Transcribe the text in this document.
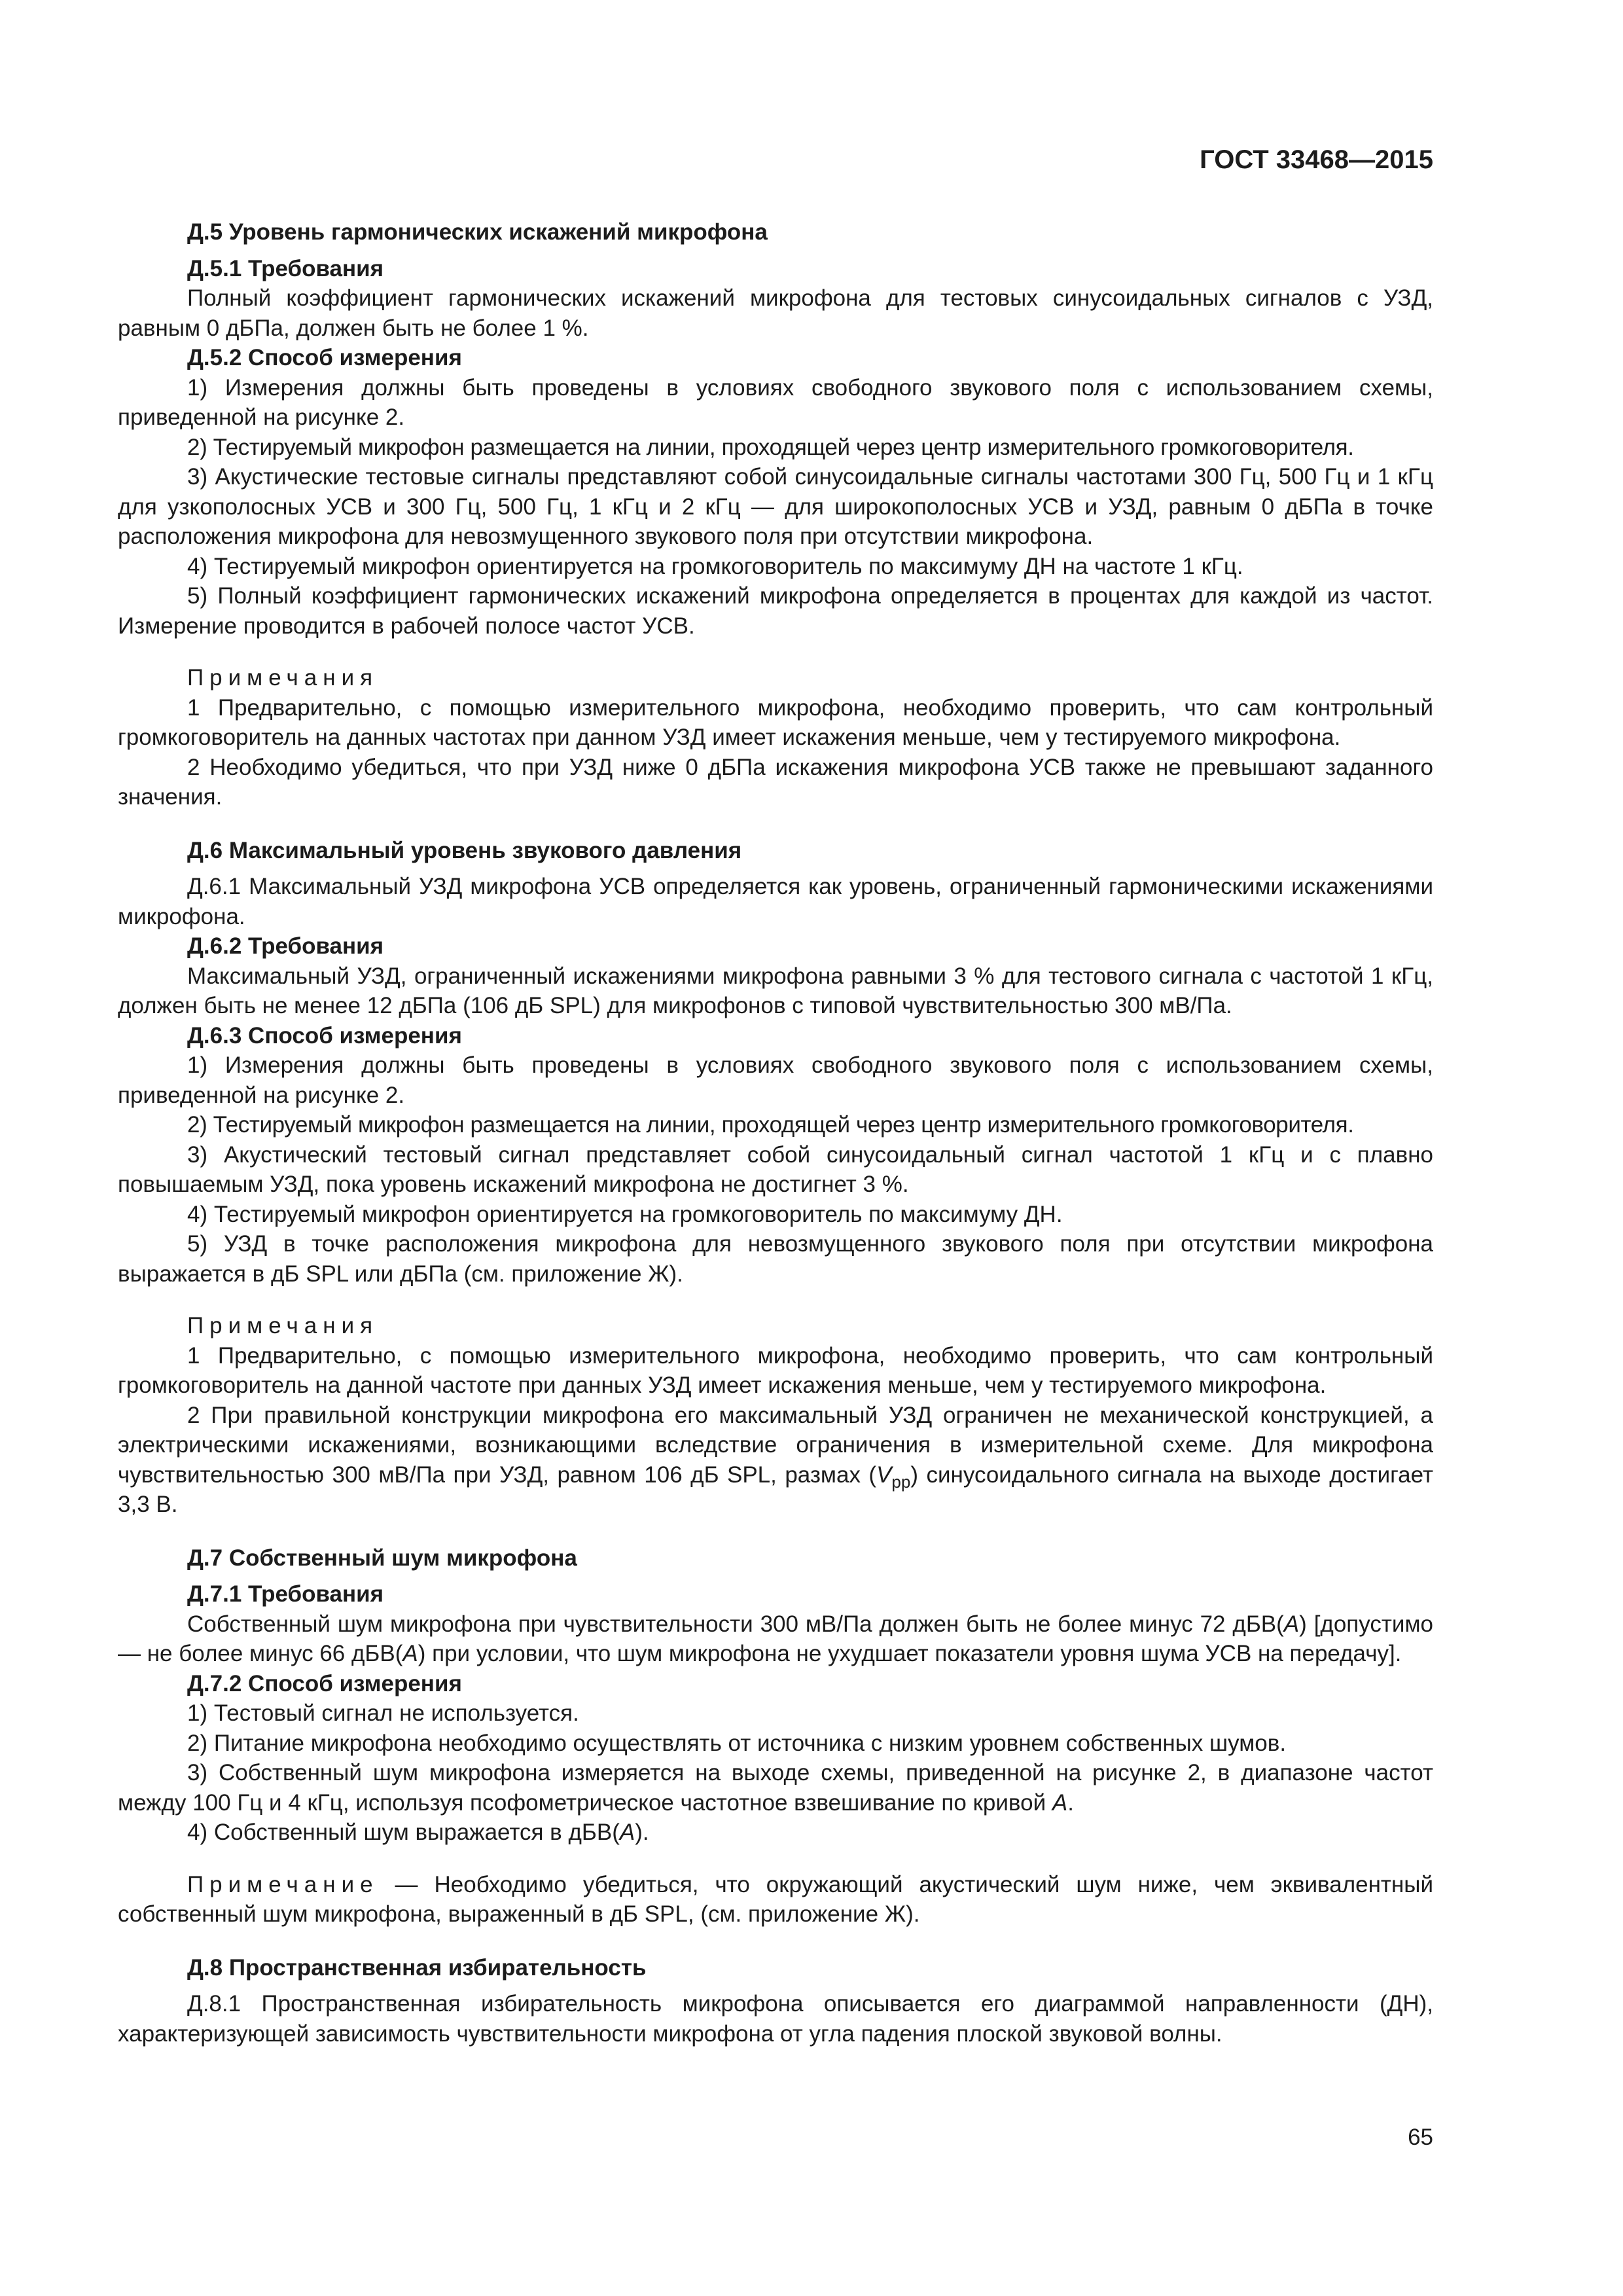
ГОСТ 33468—2015

Д.5 Уровень гармонических искажений микрофона

Д.5.1 Требования

Полный коэффициент гармонических искажений микрофона для тестовых синусоидальных сигналов с УЗД, равным 0 дБПа, должен быть не более 1 %.

Д.5.2 Способ измерения

1) Измерения должны быть проведены в условиях свободного звукового поля с использованием схемы, приведенной на рисунке 2.

2) Тестируемый микрофон размещается на линии, проходящей через центр измерительного громкоговорителя.

3) Акустические тестовые сигналы представляют собой синусоидальные сигналы частотами 300 Гц, 500 Гц и 1 кГц для узкополосных УСВ и 300 Гц, 500 Гц, 1 кГц и 2 кГц — для широкополосных УСВ и УЗД, равным 0 дБПа в точке расположения микрофона для невозмущенного звукового поля при отсутствии микрофона.

4) Тестируемый микрофон ориентируется на громкоговоритель по максимуму ДН на частоте 1 кГц.

5) Полный коэффициент гармонических искажений микрофона определяется в процентах для каждой из частот. Измерение проводится в рабочей полосе частот УСВ.

Примечания

1 Предварительно, с помощью измерительного микрофона, необходимо проверить, что сам контрольный громкоговоритель на данных частотах при данном УЗД имеет искажения меньше, чем у тестируемого микрофона.

2 Необходимо убедиться, что при УЗД ниже 0 дБПа искажения микрофона УСВ также не превышают заданного значения.

Д.6 Максимальный уровень звукового давления

Д.6.1 Максимальный УЗД микрофона УСВ определяется как уровень, ограниченный гармоническими искажениями микрофона.

Д.6.2 Требования

Максимальный УЗД, ограниченный искажениями микрофона равными 3 % для тестового сигнала с частотой 1 кГц, должен быть не менее 12 дБПа (106 дБ SPL) для микрофонов с типовой чувствительностью 300 мВ/Па.

Д.6.3 Способ измерения

1) Измерения должны быть проведены в условиях свободного звукового поля с использованием схемы, приведенной на рисунке 2.

2) Тестируемый микрофон размещается на линии, проходящей через центр измерительного громкоговорителя.

3) Акустический тестовый сигнал представляет собой синусоидальный сигнал частотой 1 кГц и с плавно повышаемым УЗД, пока уровень искажений микрофона не достигнет 3 %.

4) Тестируемый микрофон ориентируется на громкоговоритель по максимуму ДН.

5) УЗД в точке расположения микрофона для невозмущенного звукового поля при отсутствии микрофона выражается в дБ SPL или дБПа (см. приложение Ж).

Примечания

1 Предварительно, с помощью измерительного микрофона, необходимо проверить, что сам контрольный громкоговоритель на данной частоте при данных УЗД имеет искажения меньше, чем у тестируемого микрофона.

2 При правильной конструкции микрофона его максимальный УЗД ограничен не механической конструкцией, а электрическими искажениями, возникающими вследствие ограничения в измерительной схеме. Для микрофона чувствительностью 300 мВ/Па при УЗД, равном 106 дБ SPL, размах $(V_{pp})$ синусоидального сигнала на выходе достигает 3,3 В.

Д.7 Собственный шум микрофона

Д.7.1 Требования

Собственный шум микрофона при чувствительности 300 мВ/Па должен быть не более минус 72 дБВ(А) [допустимо — не более минус 66 дБВ(А) при условии, что шум микрофона не ухудшает показатели уровня шума УСВ на передачу].

Д.7.2 Способ измерения

1) Тестовый сигнал не используется.

2) Питание микрофона необходимо осуществлять от источника с низким уровнем собственных шумов.

3) Собственный шум микрофона измеряется на выходе схемы, приведенной на рисунке 2, в диапазоне частот между 100 Гц и 4 кГц, используя псофометрическое частотное взвешивание по кривой А.

4) Собственный шум выражается в дБВ(А).

Примечание — Необходимо убедиться, что окружающий акустический шум ниже, чем эквивалентный собственный шум микрофона, выраженный в дБ SPL, (см. приложение Ж).

Д.8 Пространственная избирательность

Д.8.1 Пространственная избирательность микрофона описывается его диаграммой направленности (ДН), характеризующей зависимость чувствительности микрофона от угла падения плоской звуковой волны.

65
